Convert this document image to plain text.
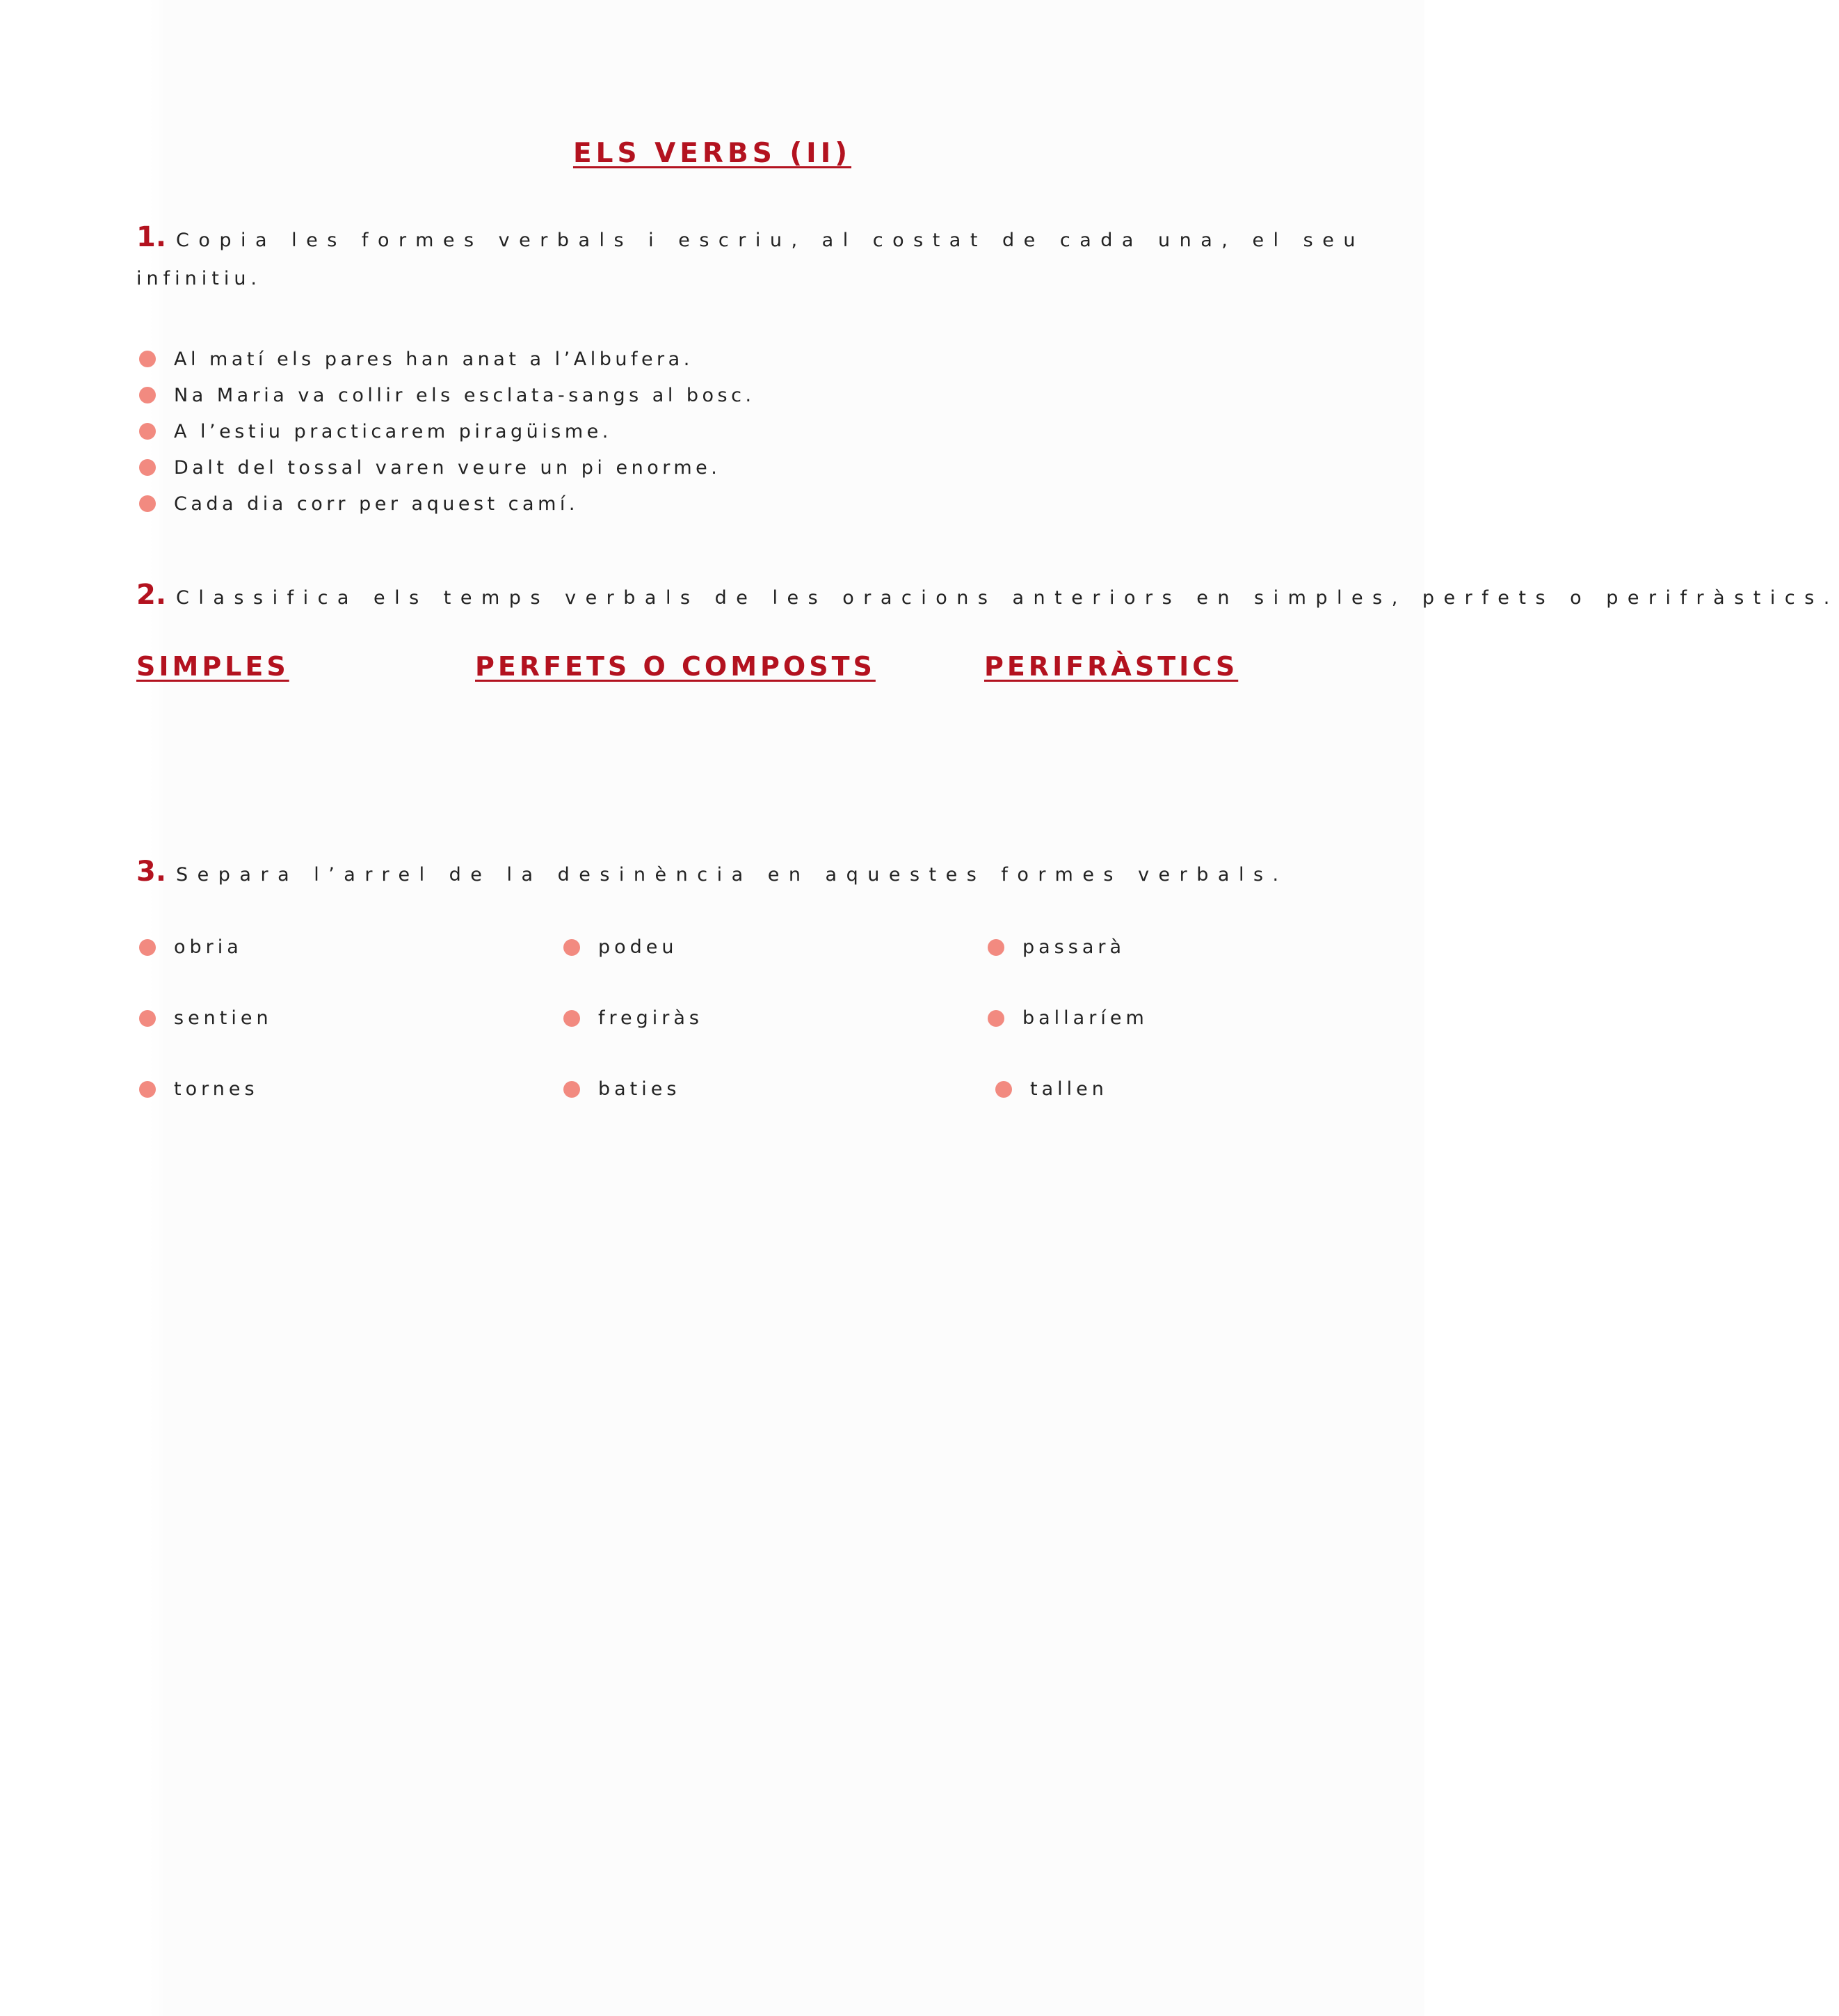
ELS VERBS (II)
1. Copia les formes verbals i escriu, al costat de cada una, el seu
infinitiu.
Al matí els pares han anat a l’Albufera.
Na Maria va collir els esclata-sangs al bosc.
A l’estiu practicarem piragüisme.
Dalt del tossal varen veure un pi enorme.
Cada dia corr per aquest camí.
2. Classifica els temps verbals de les oracions anteriors en simples, perfets o perifràstics.
SIMPLES	PERFETS O COMPOSTS	PERIFRÀSTICS
3. Separa l’arrel de la desinència en aquestes formes verbals.
obria	podeu	passarà
sentien	fregiràs	ballaríem
tornes	baties	tallen
